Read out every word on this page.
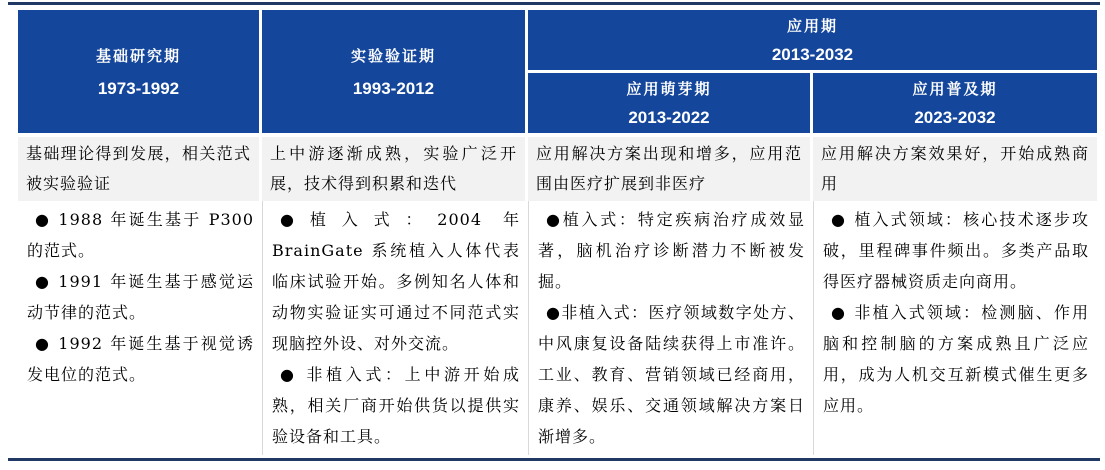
基础研究期
1973-1992
实验验证期
1993-2012
应用期
2013-2032
应用萌芽期
2013-2022
应用普及期
2023-2032
基础理论得到发展，相关范式被实验验证
上中游逐渐成熟，实验广泛开展，技术得到积累和迭代
应用解决方案出现和增多，应用范围由医疗扩展到非医疗
应用解决方案效果好，开始成熟商用

● 1988 年诞生基于 P300 的范式。

● 1991 年诞生基于感觉运动节律的范式。

● 1992 年诞生基于视觉诱发电位的范式。

●植入式：2004 年 BrainGate 系统植入人体代表临床试验开始。多例知名人体和动物实验证实可通过不同范式实现脑控外设、对外交流。

● 非植入式：上中游开始成熟，相关厂商开始供货以提供实验设备和工具。

●植入式：特定疾病治疗成效显著，脑机治疗诊断潜力不断被发掘。

●非植入式：医疗领域数字处方、中风康复设备陆续获得上市准许。工业、教育、营销领域已经商用，康养、娱乐、交通领域解决方案日渐增多。

● 植入式领域：核心技术逐步攻破，里程碑事件频出。多类产品取得医疗器械资质走向商用。

● 非植入式领域：检测脑、作用脑和控制脑的方案成熟且广泛应用，成为人机交互新模式催生更多应用。
